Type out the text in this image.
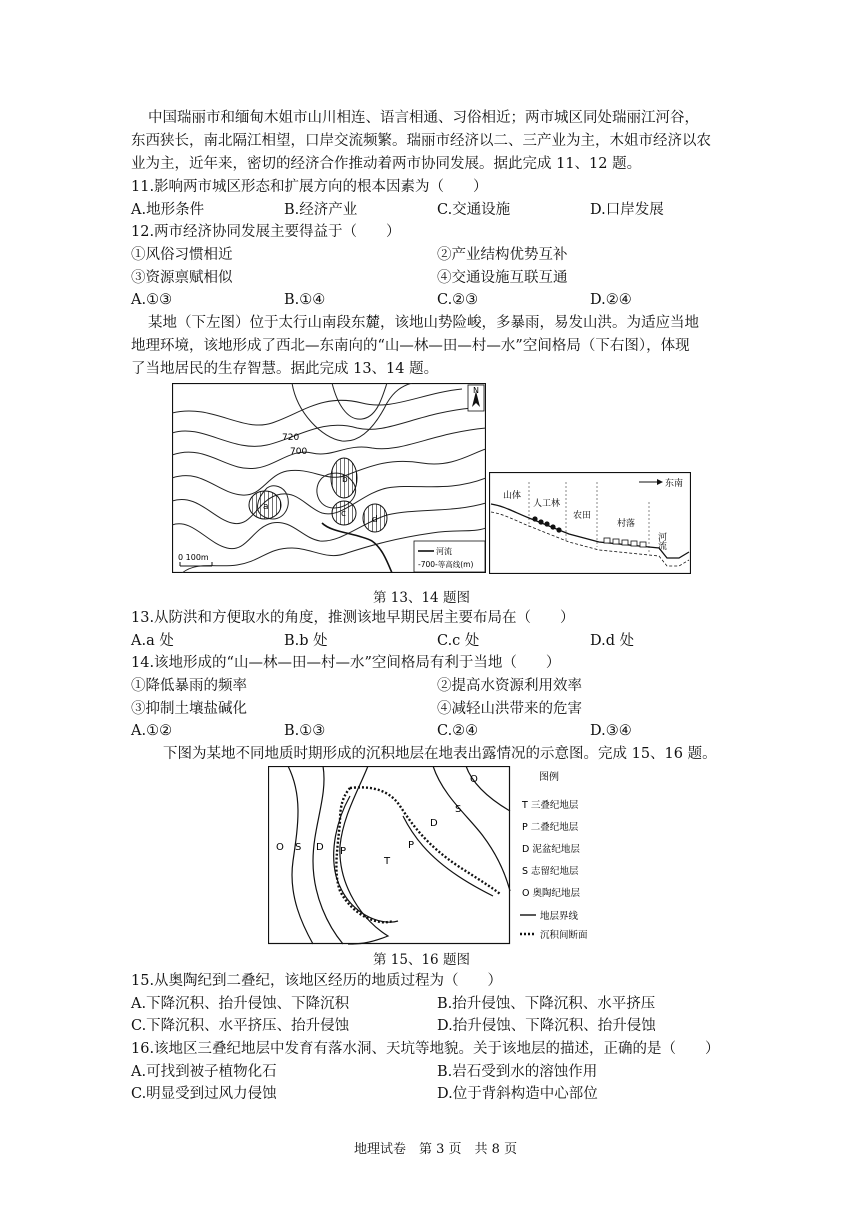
中国瑞丽市和缅甸木姐市山川相连、语言相通、习俗相近；两市城区同处瑞丽江河谷，
东西狭长，南北隔江相望，口岸交流频繁。瑞丽市经济以二、三产业为主，木姐市经济以农
业为主，近年来，密切的经济合作推动着两市协同发展。据此完成 11、12 题。
11.影响两市城区形态和扩展方向的根本因素为（　　）
A.地形条件	B.经济产业	C.交通设施	D.口岸发展
12.两市经济协同发展主要得益于（　　）
①风俗习惯相近	②产业结构优势互补
③资源禀赋相似	④交通设施互联互通
A.①③	B.①④	C.②③	D.②④
某地（下左图）位于太行山南段东麓，该地山势险峻，多暴雨，易发山洪。为适应当地
地理环境，该地形成了西北—东南向的“山—林—田—村—水”空间格局（下右图），体现
了当地居民的生存智慧。据此完成 13、14 题。
a
b
c
d
720
700
N
0 100m
河流
-700-等高线(m)
东南
山体
人工林
农田
村落
河流
第 13、14 题图
13.从防洪和方便取水的角度，推测该地早期民居主要布局在（　　）
A.a 处	B.b 处	C.c 处	D.d 处
14.该地形成的“山—林—田—村—水”空间格局有利于当地（　　）
①降低暴雨的频率	②提高水资源利用效率
③抑制土壤盐碱化	④减轻山洪带来的危害
A.①②	B.①③	C.②④	D.③④
下图为某地不同地质时期形成的沉积地层在地表出露情况的示意图。完成 15、16 题。
O S D P
T
P
D
S
O	图例
T 三叠纪地层
P 二叠纪地层
D 泥盆纪地层
S 志留纪地层
O 奥陶纪地层
地层界线
沉积间断面
第 15、16 题图
15.从奥陶纪到二叠纪，该地区经历的地质过程为（　　）
A.下降沉积、抬升侵蚀、下降沉积	B.抬升侵蚀、下降沉积、水平挤压
C.下降沉积、水平挤压、抬升侵蚀	D.抬升侵蚀、下降沉积、抬升侵蚀
16.该地区三叠纪地层中发育有落水洞、天坑等地貌。关于该地层的描述，正确的是（　　）
A.可找到被子植物化石	B.岩石受到水的溶蚀作用
C.明显受到过风力侵蚀	D.位于背斜构造中心部位
地理试卷　第 3 页　共 8 页
